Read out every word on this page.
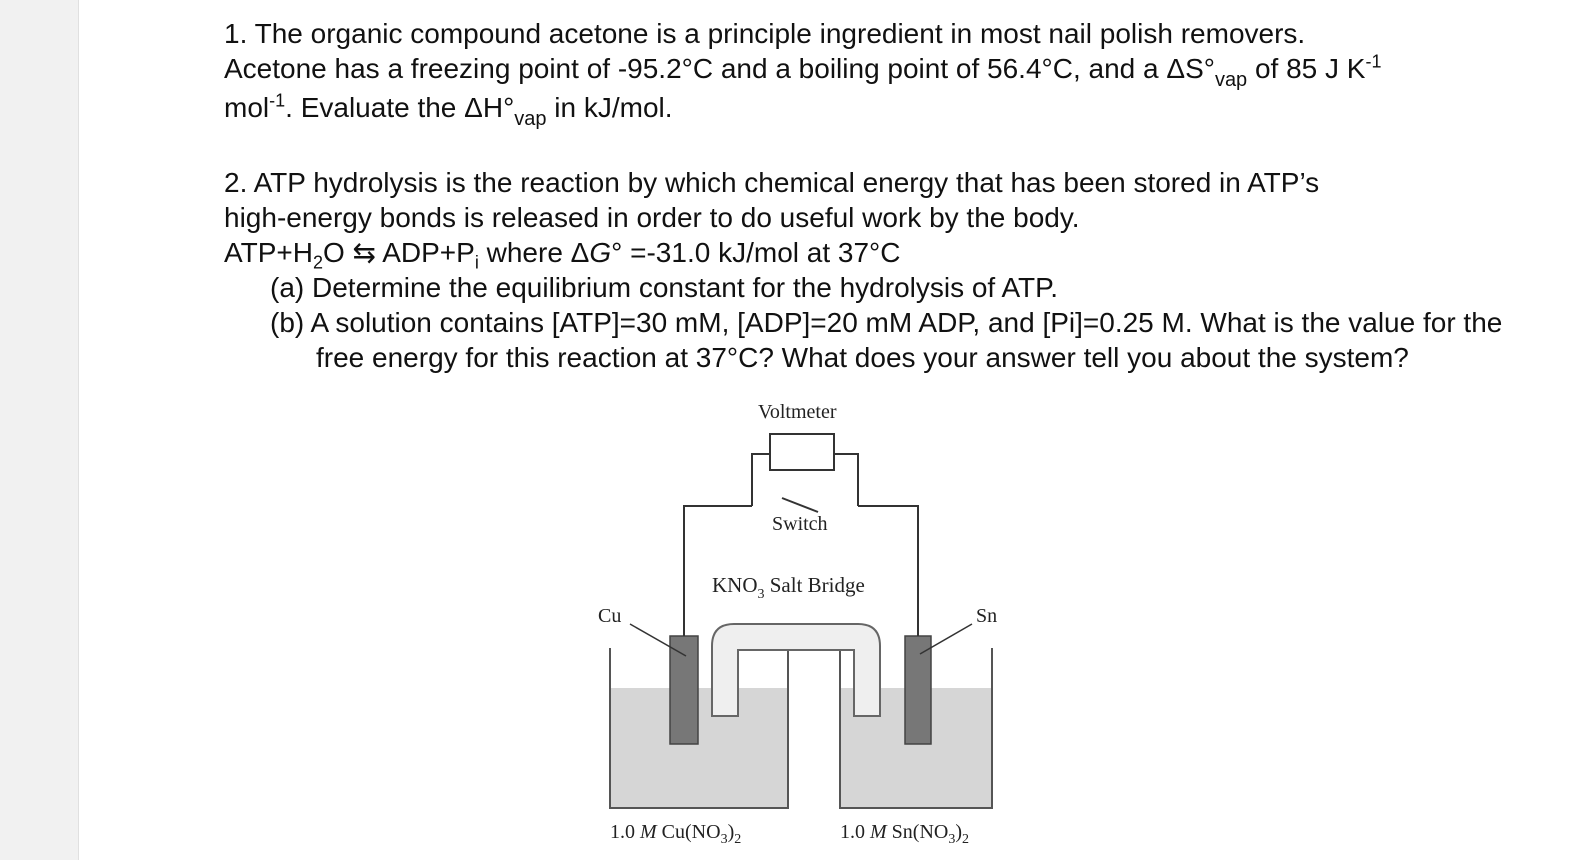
1. The organic compound acetone is a principle ingredient in most nail polish removers.

Acetone has a freezing point of -95.2°C and a boiling point of 56.4°C, and a $\Delta S^\circ_{vap}$ of 85 J $K^{-1}$

mol$^{-1}$. Evaluate the $\Delta H^\circ_{vap}$ in kJ/mol.

2. ATP hydrolysis is the reaction by which chemical energy that has been stored in ATP’s

high-energy bonds is released in order to do useful work by the body.

$ATP+H_2O$ ⇆ $ADP+P_i$ where ΔG° =-31.0 kJ/mol at 37°C

(a) Determine the equilibrium constant for the hydrolysis of ATP.

(b) A solution contains [ATP]=30 mM, [ADP]=20 mM ADP, and [Pi]=0.25 M. What is the value for the free energy for this reaction at 37°C? What does your answer tell you about the system?

Voltmeter
Switch
$KNO_3$ Salt Bridge
Cu	Sn
1.0 M $Cu(NO_3)_2$	1.0 M $Sn(NO_3)_2$
